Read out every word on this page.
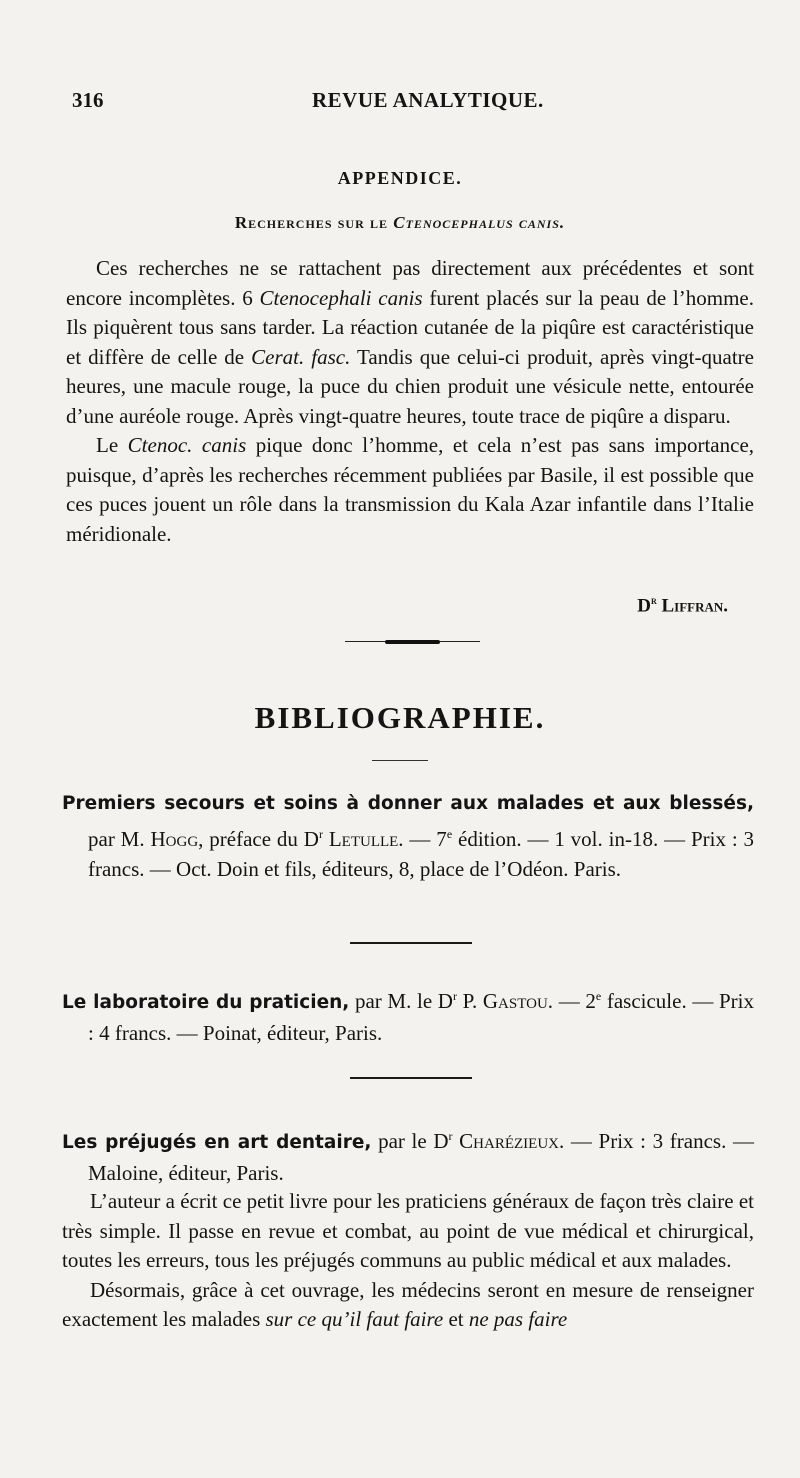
316	REVUE ANALYTIQUE.
APPENDICE.
Recherches sur le Ctenocephalus canis.

Ces recherches ne se rattachent pas directement aux précédentes et sont encore incomplètes. 6 Ctenocephali canis furent placés sur la peau de l’homme. Ils piquèrent tous sans tarder. La réaction cutanée de la piqûre est caractéristique et diffère de celle de Cerat. fasc. Tandis que celui-ci produit, après vingt-quatre heures, une macule rouge, la puce du chien produit une vésicule nette, entourée d’une auréole rouge. Après vingt-quatre heures, toute trace de piqûre a disparu.

Le Ctenoc. canis pique donc l’homme, et cela n’est pas sans importance, puisque, d’après les recherches récemment publiées par Basile, il est possible que ces puces jouent un rôle dans la transmission du Kala Azar infantile dans l’Italie méridionale.

$D^r$ Liffran.
BIBLIOGRAPHIE.
Premiers secours et soins à donner aux malades et aux blessés, par M. Hogg, préface du $D^r$ Letulle. — 7e édition. — 1 vol. in-18. — Prix : 3 francs. — Oct. Doin et fils, éditeurs, 8, place de l’Odéon. Paris.
Le laboratoire du praticien, par M. le $D^r$ P. Gastou. — 2e fascicule. — Prix : 4 francs. — Poinat, éditeur, Paris.
Les préjugés en art dentaire, par le $D^r$ Charézieux. — Prix : 3 francs. — Maloine, éditeur, Paris.

L’auteur a écrit ce petit livre pour les praticiens généraux de façon très claire et très simple. Il passe en revue et combat, au point de vue médical et chirurgical, toutes les erreurs, tous les préjugés communs au public médical et aux malades.

Désormais, grâce à cet ouvrage, les médecins seront en mesure de renseigner exactement les malades sur ce qu’il faut faire et ne pas faire
